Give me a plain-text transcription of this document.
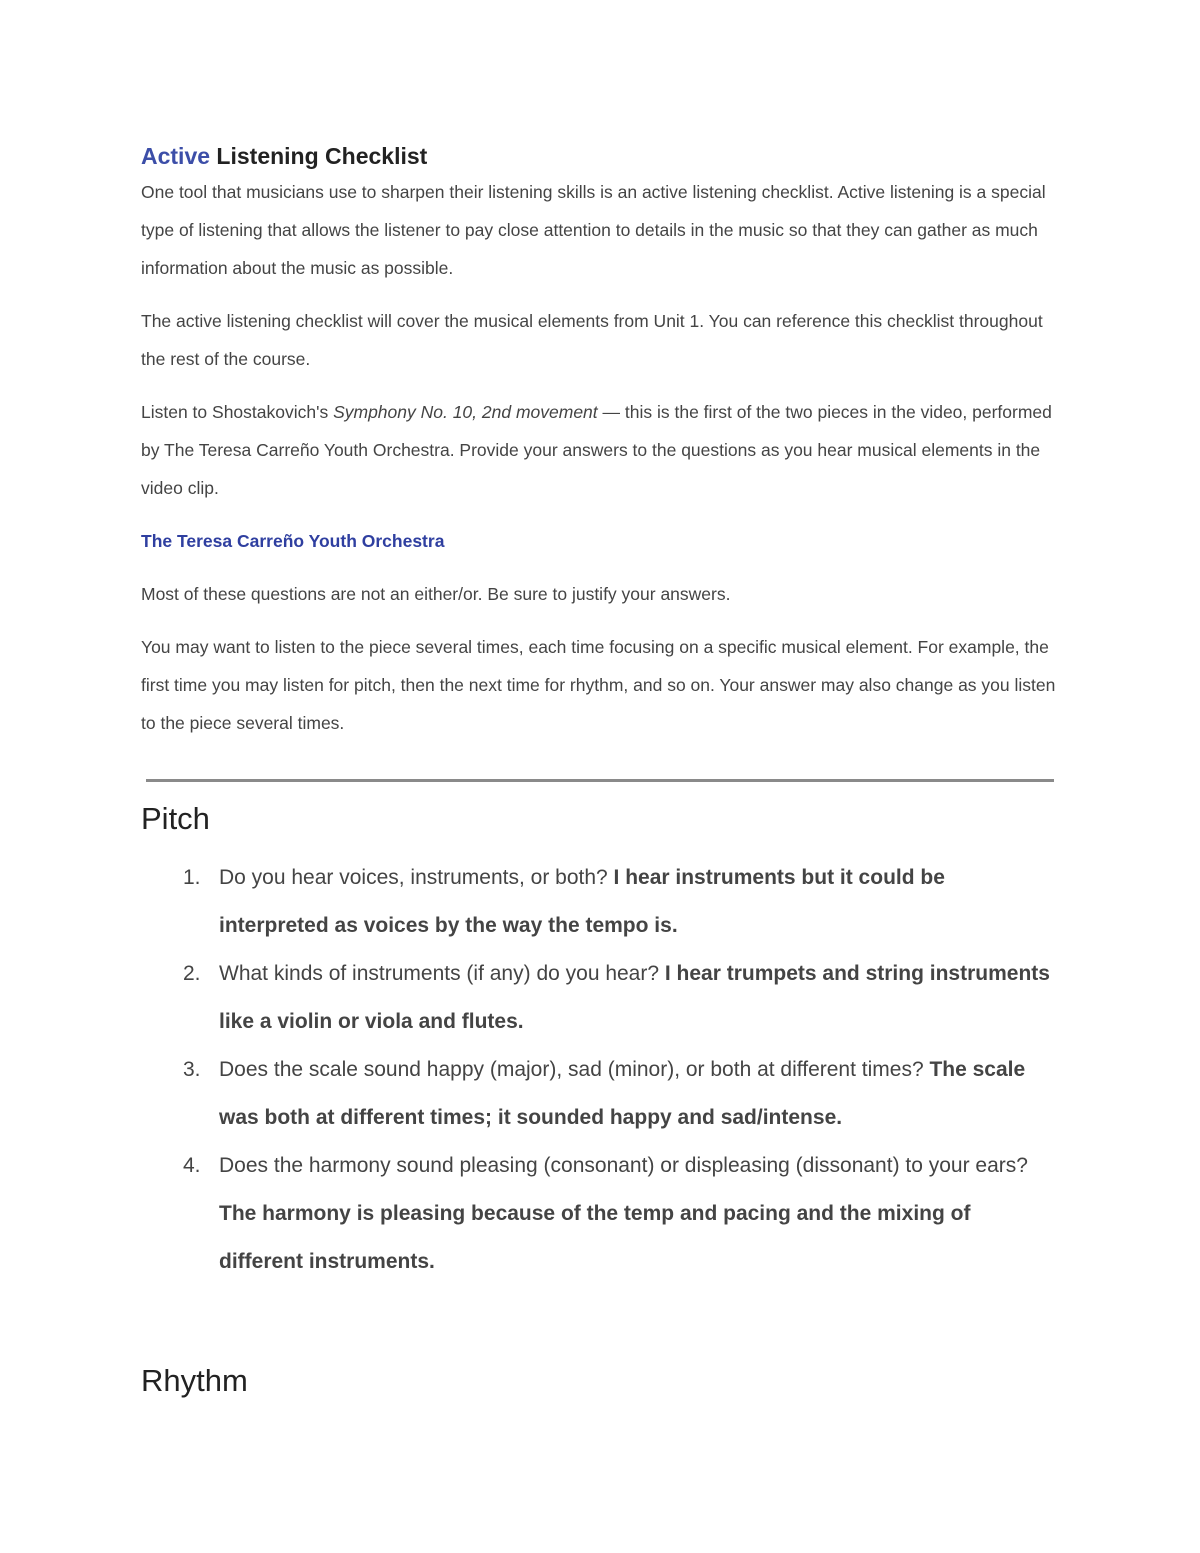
Active Listening Checklist

One tool that musicians use to sharpen their listening skills is an active listening checklist. Active listening is a special type of listening that allows the listener to pay close attention to details in the music so that they can gather as much information about the music as possible.

The active listening checklist will cover the musical elements from Unit 1. You can reference this checklist throughout the rest of the course.

Listen to Shostakovich's Symphony No. 10, 2nd movement — this is the first of the two pieces in the video, performed by The Teresa Carreño Youth Orchestra. Provide your answers to the questions as you hear musical elements in the video clip.

The Teresa Carreño Youth Orchestra

Most of these questions are not an either/or. Be sure to justify your answers.

You may want to listen to the piece several times, each time focusing on a specific musical element. For example, the first time you may listen for pitch, then the next time for rhythm, and so on. Your answer may also change as you listen to the piece several times.

Pitch
1. Do you hear voices, instruments, or both? I hear instruments but it could be interpreted as voices by the way the tempo is.
2. What kinds of instruments (if any) do you hear? I hear trumpets and string instruments like a violin or viola and flutes.
3. Does the scale sound happy (major), sad (minor), or both at different times? The scale was both at different times; it sounded happy and sad/intense.
4. Does the harmony sound pleasing (consonant) or displeasing (dissonant) to your ears? The harmony is pleasing because of the temp and pacing and the mixing of different instruments.
Rhythm
